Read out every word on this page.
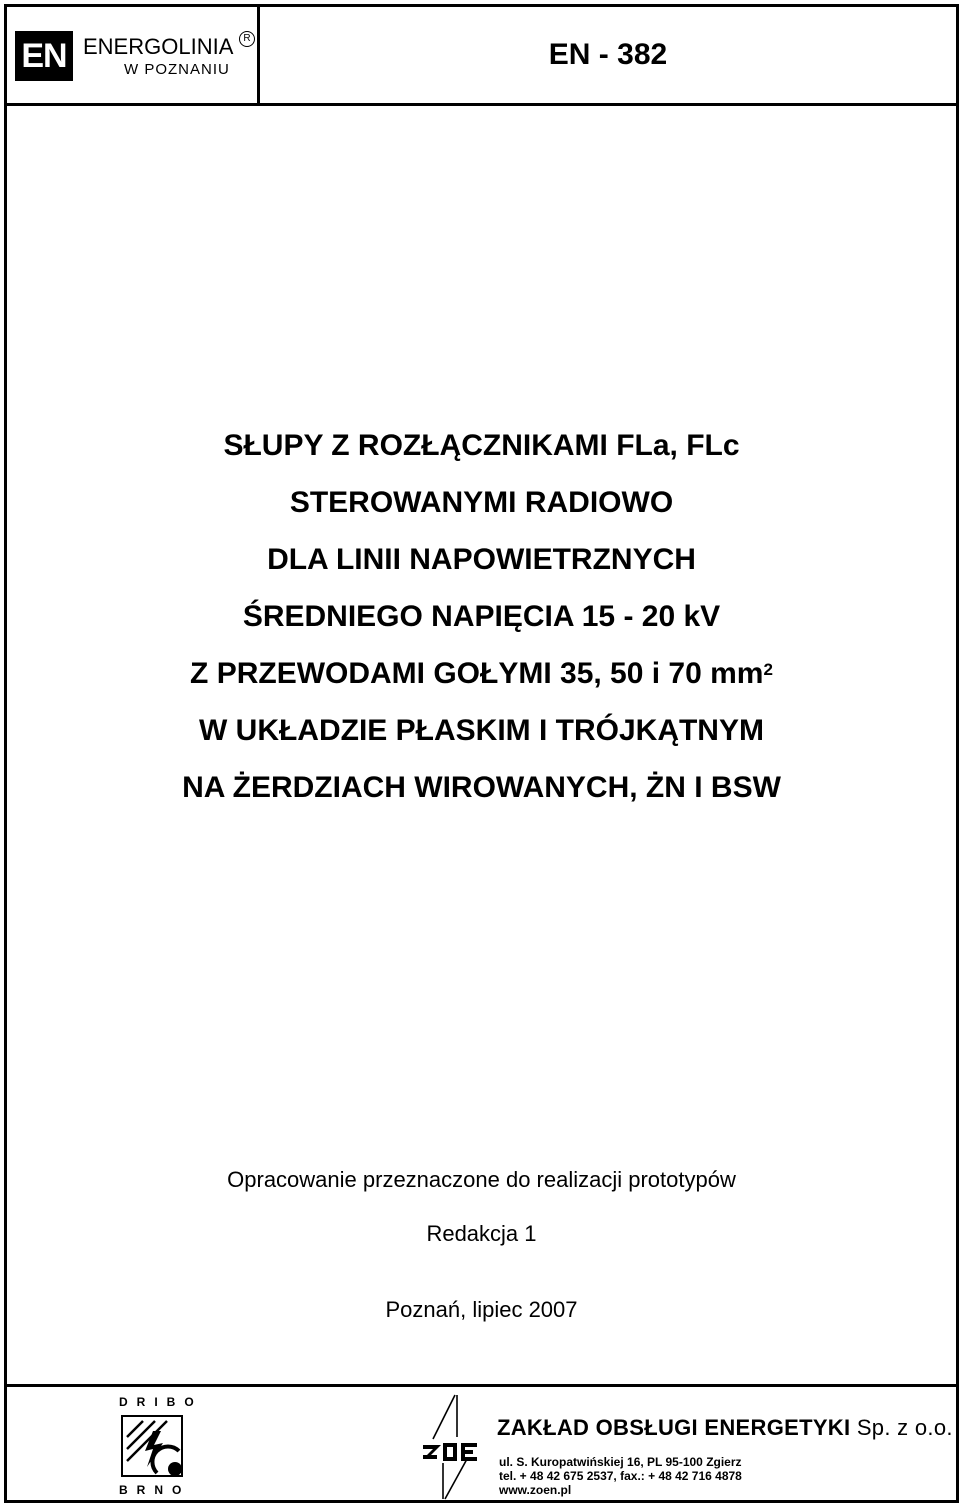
EN ENERGOLINIA	R
W POZNANIU	EN - 382
SŁUPY Z ROZŁĄCZNIKAMI FLa, FLc
STEROWANYMI RADIOWO
DLA LINII NAPOWIETRZNYCH
ŚREDNIEGO NAPIĘCIA 15 - 20 kV
Z PRZEWODAMI GOŁYMI 35, 50 i 70 $mm^2$
W UKŁADZIE PŁASKIM I TRÓJKĄTNYM
NA ŻERDZIACH WIROWANYCH, ŻN I BSW
Opracowanie przeznaczone do realizacji prototypów
Redakcja 1
Poznań, lipiec 2007
DRIBO
BRNO
ZAKŁAD OBSŁUGI ENERGETYKI Sp. z o.o.
ul. S. Kuropatwińskiej 16, PL 95-100 Zgierz
tel. + 48 42 675 2537, fax.: + 48 42 716 4878
www.zoen.pl
